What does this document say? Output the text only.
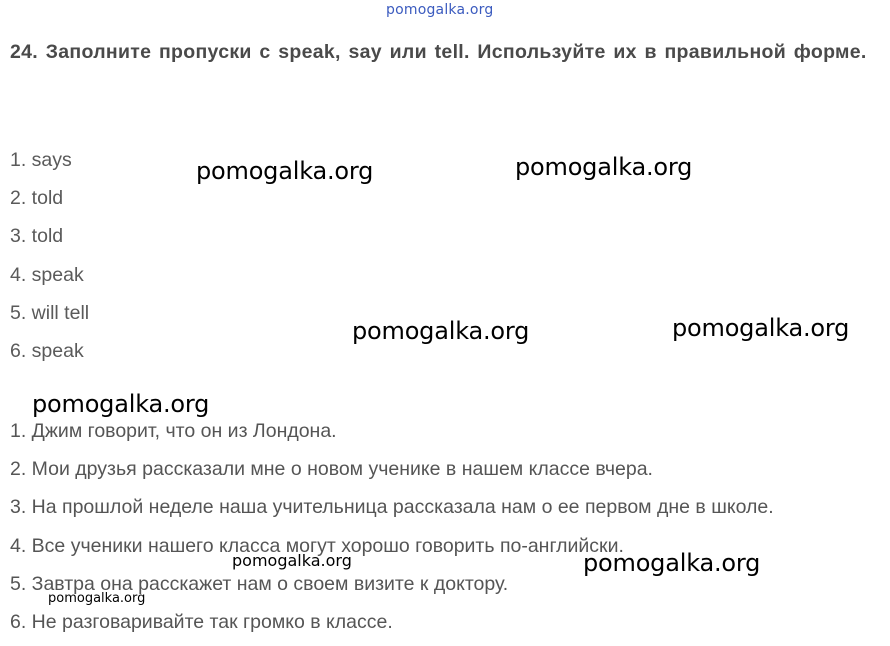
pomogalka.org
24. Заполните пропуски с speak, say или tell. Используйте их в правильной форме.
1. says
2. told
3. told
4. speak
5. will tell
6. speak
1. Джим говорит, что он из Лондона.
2. Мои друзья рассказали мне о новом ученике в нашем классе вчера.
3. На прошлой неделе наша учительница рассказала нам о ее первом дне в школе.
4. Все ученики нашего класса могут хорошо говорить по-английски.
5. Завтра она расскажет нам о своем визите к доктору.
6. Не разговаривайте так громко в классе.
pomogalka.org	pomogalka.org
pomogalka.org	pomogalka.org
pomogalka.org
pomogalka.org	pomogalka.org
pomogalka.org
